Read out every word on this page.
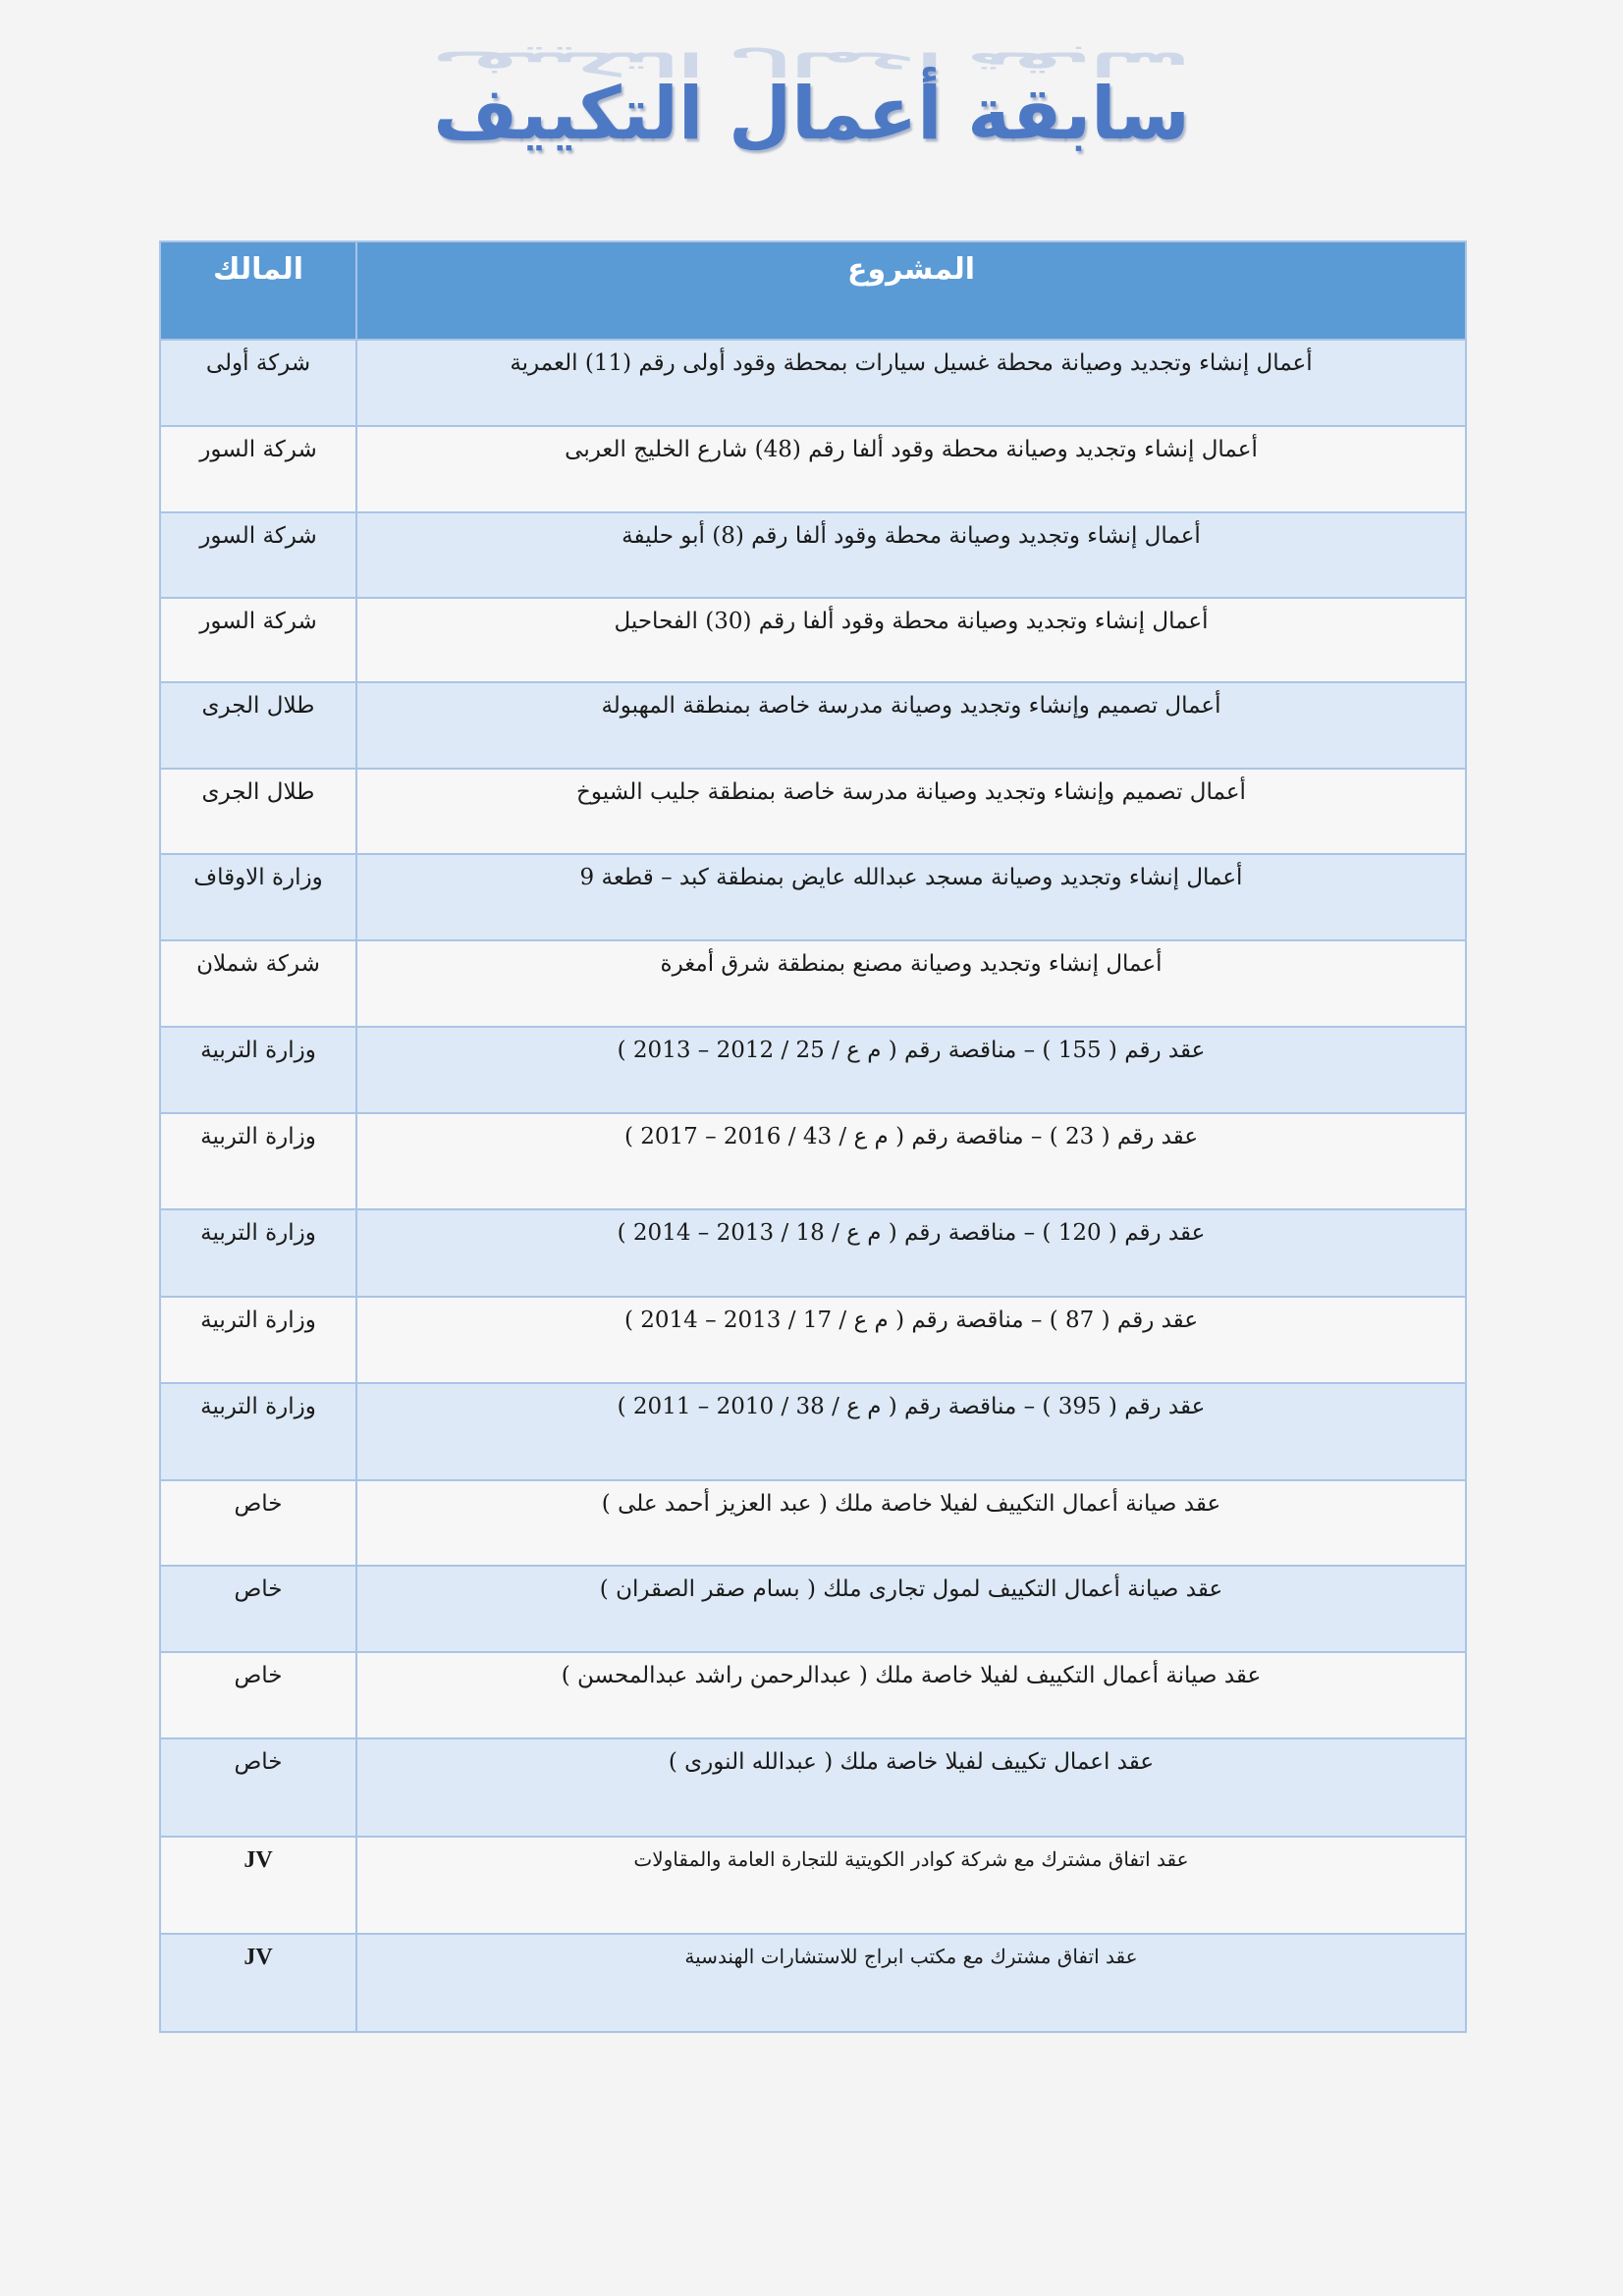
سابقة أعمال التكييف
سابقة أعمال التكييف
المشروع	المالك
أعمال إنشاء وتجديد وصيانة محطة غسيل سيارات بمحطة وقود أولى رقم (11) العمرية	شركة أولى
أعمال إنشاء وتجديد وصيانة محطة وقود ألفا رقم (48) شارع الخليج العربى	شركة السور
أعمال إنشاء وتجديد وصيانة محطة وقود ألفا رقم (8) أبو حليفة	شركة السور
أعمال إنشاء وتجديد وصيانة محطة وقود ألفا رقم (30) الفحاحيل	شركة السور
أعمال تصميم وإنشاء وتجديد وصيانة مدرسة خاصة بمنطقة المهبولة	طلال الجرى
أعمال تصميم وإنشاء وتجديد وصيانة مدرسة خاصة بمنطقة جليب الشيوخ	طلال الجرى
أعمال إنشاء وتجديد وصيانة مسجد عبدالله عايض بمنطقة كبد – قطعة 9	وزارة الاوقاف
أعمال إنشاء وتجديد وصيانة مصنع بمنطقة شرق أمغرة	شركة شملان
عقد رقم ( 155 ) – مناقصة رقم ( م ع / 25 / 2012 – 2013 )	وزارة التربية
عقد رقم ( 23 ) – مناقصة رقم ( م ع / 43 / 2016 – 2017 )	وزارة التربية
عقد رقم ( 120 ) – مناقصة رقم ( م ع / 18 / 2013 – 2014 )	وزارة التربية
عقد رقم ( 87 ) – مناقصة رقم ( م ع / 17 / 2013 – 2014 )	وزارة التربية
عقد رقم ( 395 ) – مناقصة رقم ( م ع / 38 / 2010 – 2011 )	وزارة التربية
عقد صيانة أعمال التكييف لفيلا خاصة ملك ( عبد العزيز أحمد على )	خاص
عقد صيانة أعمال التكييف لمول تجارى ملك ( بسام صقر الصقران )	خاص
عقد صيانة أعمال التكييف لفيلا خاصة ملك ( عبدالرحمن راشد عبدالمحسن )	خاص
عقد اعمال تكييف لفيلا خاصة ملك ( عبدالله النورى )	خاص
عقد اتفاق مشترك مع شركة كوادر الكويتية للتجارة العامة والمقاولات	JV
عقد اتفاق مشترك مع مكتب ابراج للاستشارات الهندسية	JV
